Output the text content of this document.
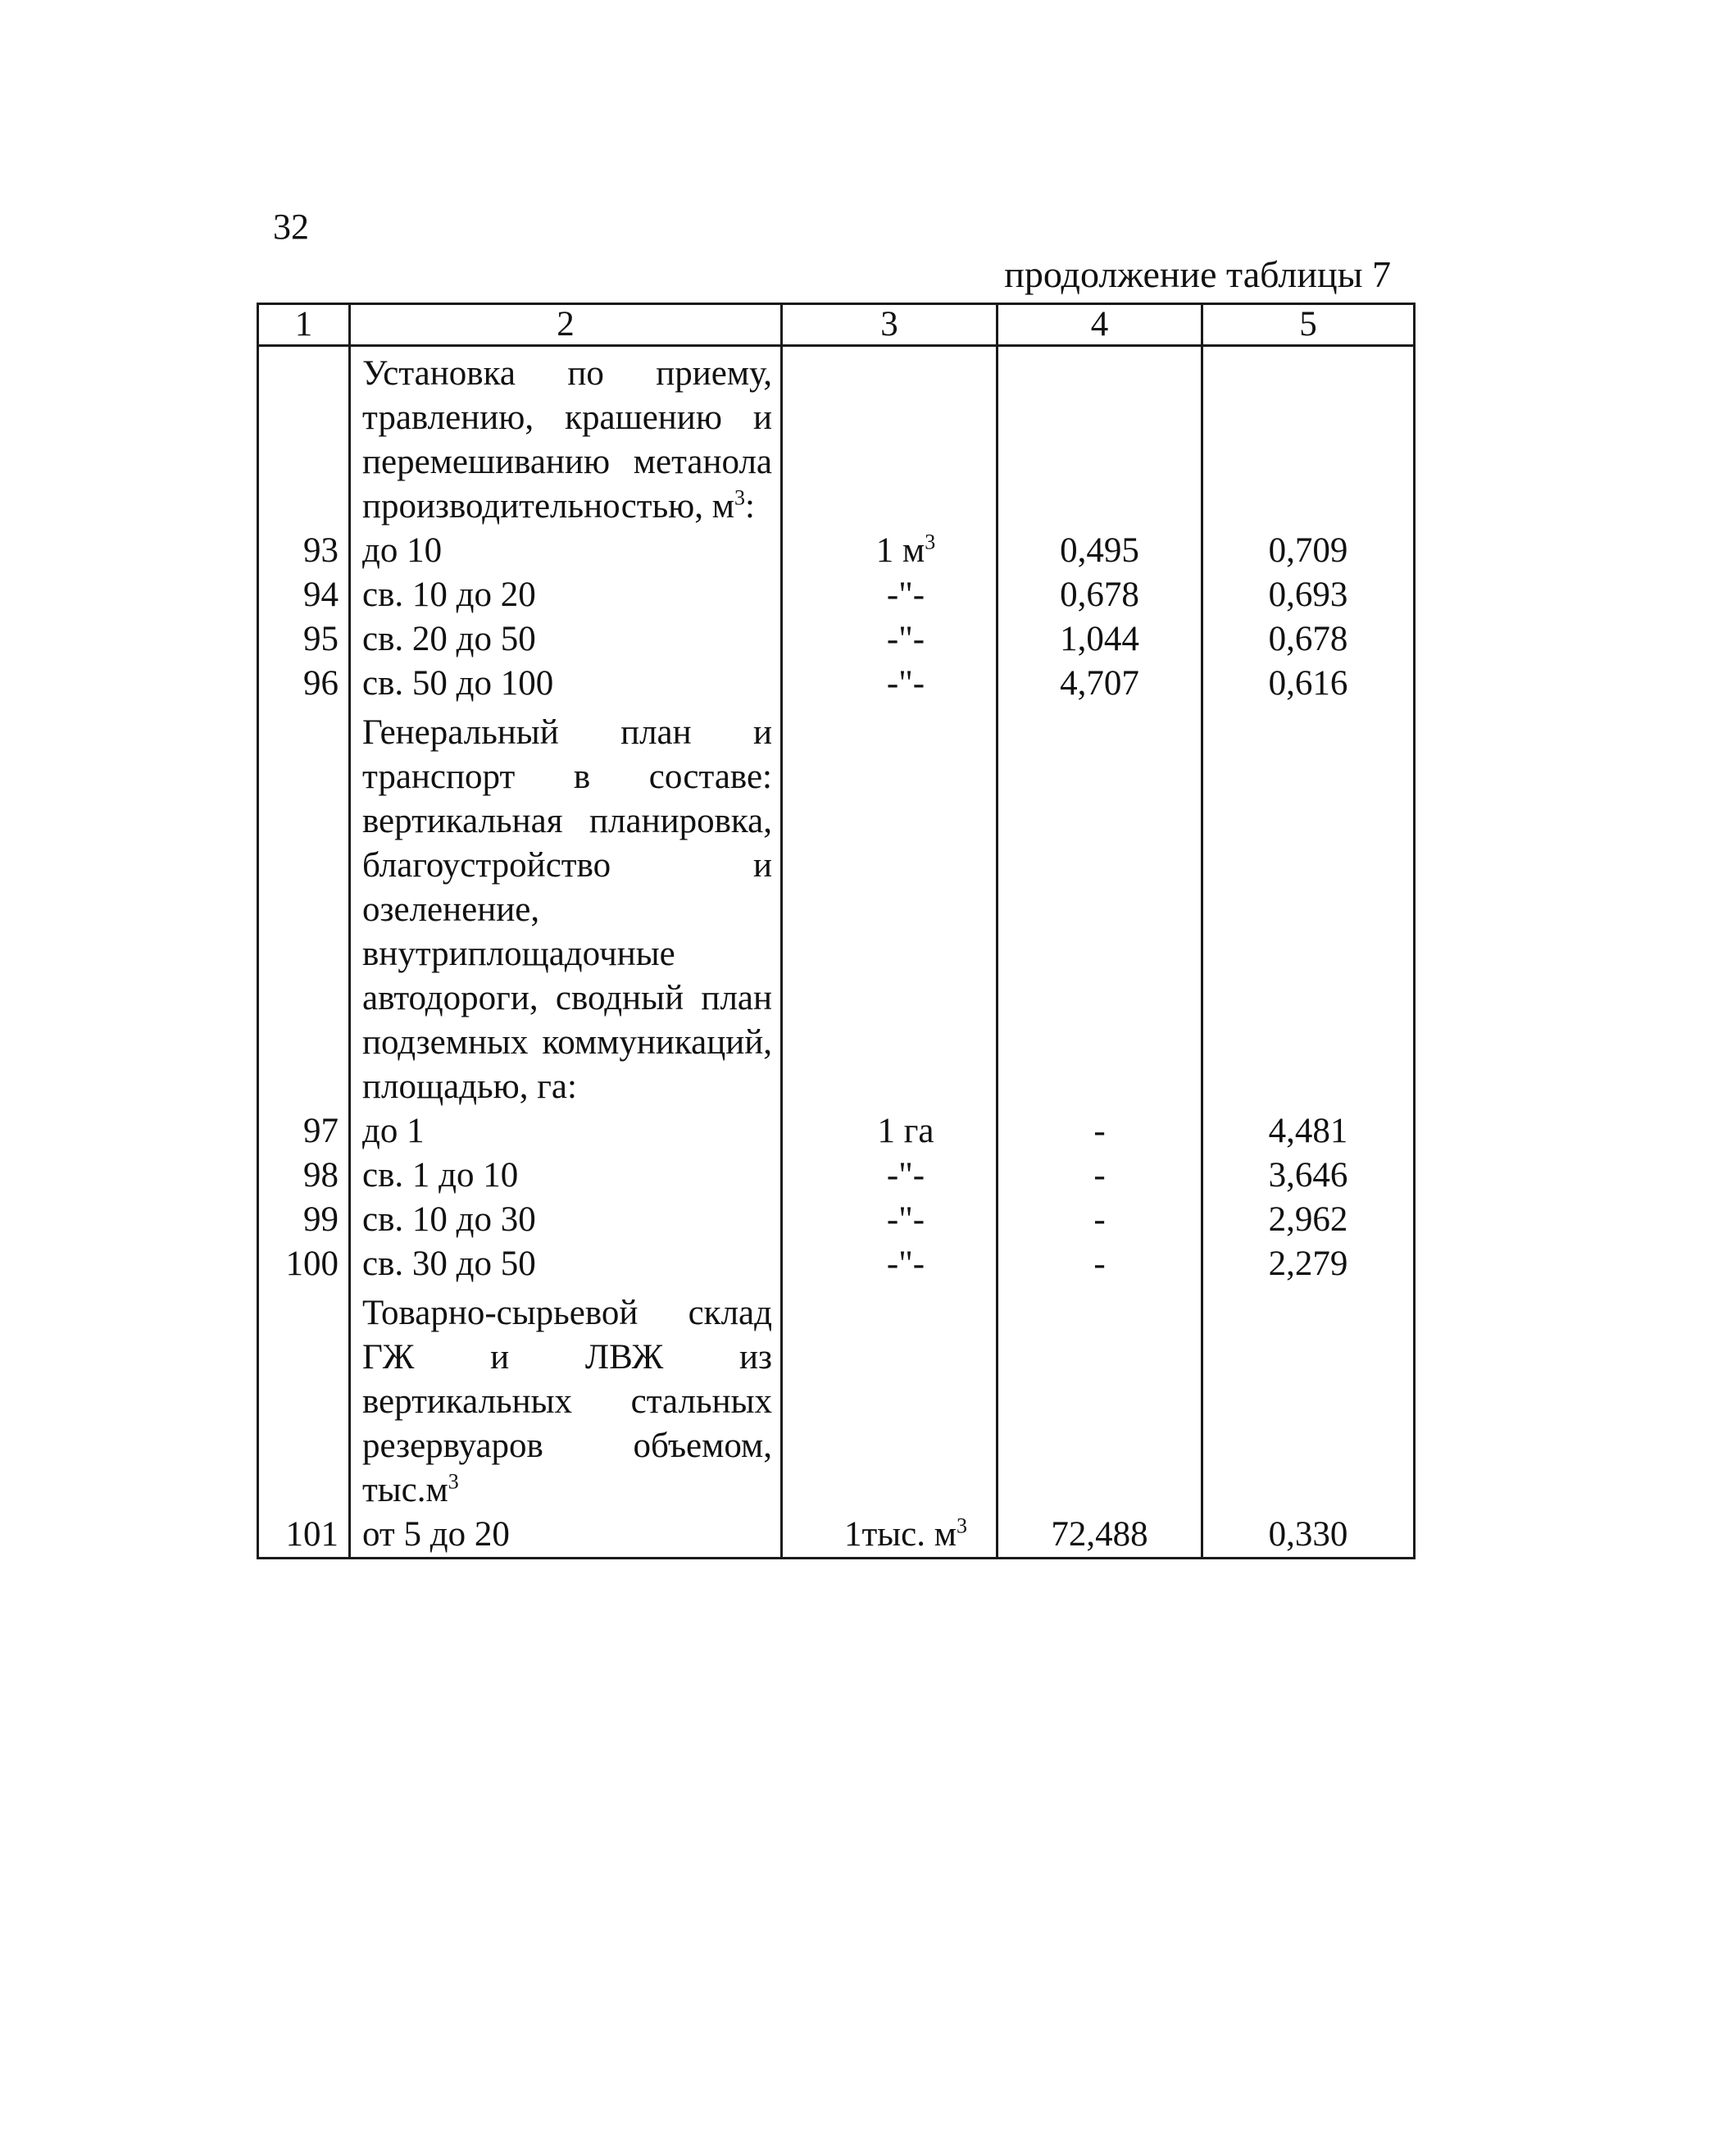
32
продолжение таблицы 7
1	2	3	4	5
	Установка по приему, травлению, крашению и перемешиванию метанола производительностью, $м^3$:			
93	до 10	1 $м^3$	0,495	0,709
94	св. 10 до 20	-"-	0,678	0,693
95	св. 20 до 50	-"-	1,044	0,678
96	св. 50 до 100	-"-	4,707	0,616
	Генеральный план и транспорт в составе: вертикальная планировка, благоустройство и озеленение, внутриплощадочные автодороги, сводный план подземных коммуникаций, площадью, га:			
97	до 1	1 га	-	4,481
98	св. 1 до 10	-"-	-	3,646
99	св. 10 до 30	-"-	-	2,962
100	св. 30 до 50	-"-	-	2,279
	Товарно-сырьевой склад ГЖ и ЛВЖ из вертикальных стальных резервуаров объемом, $тыс.м^3$			
101	от 5 до 20	1тыс. $м^3$	72,488	0,330
